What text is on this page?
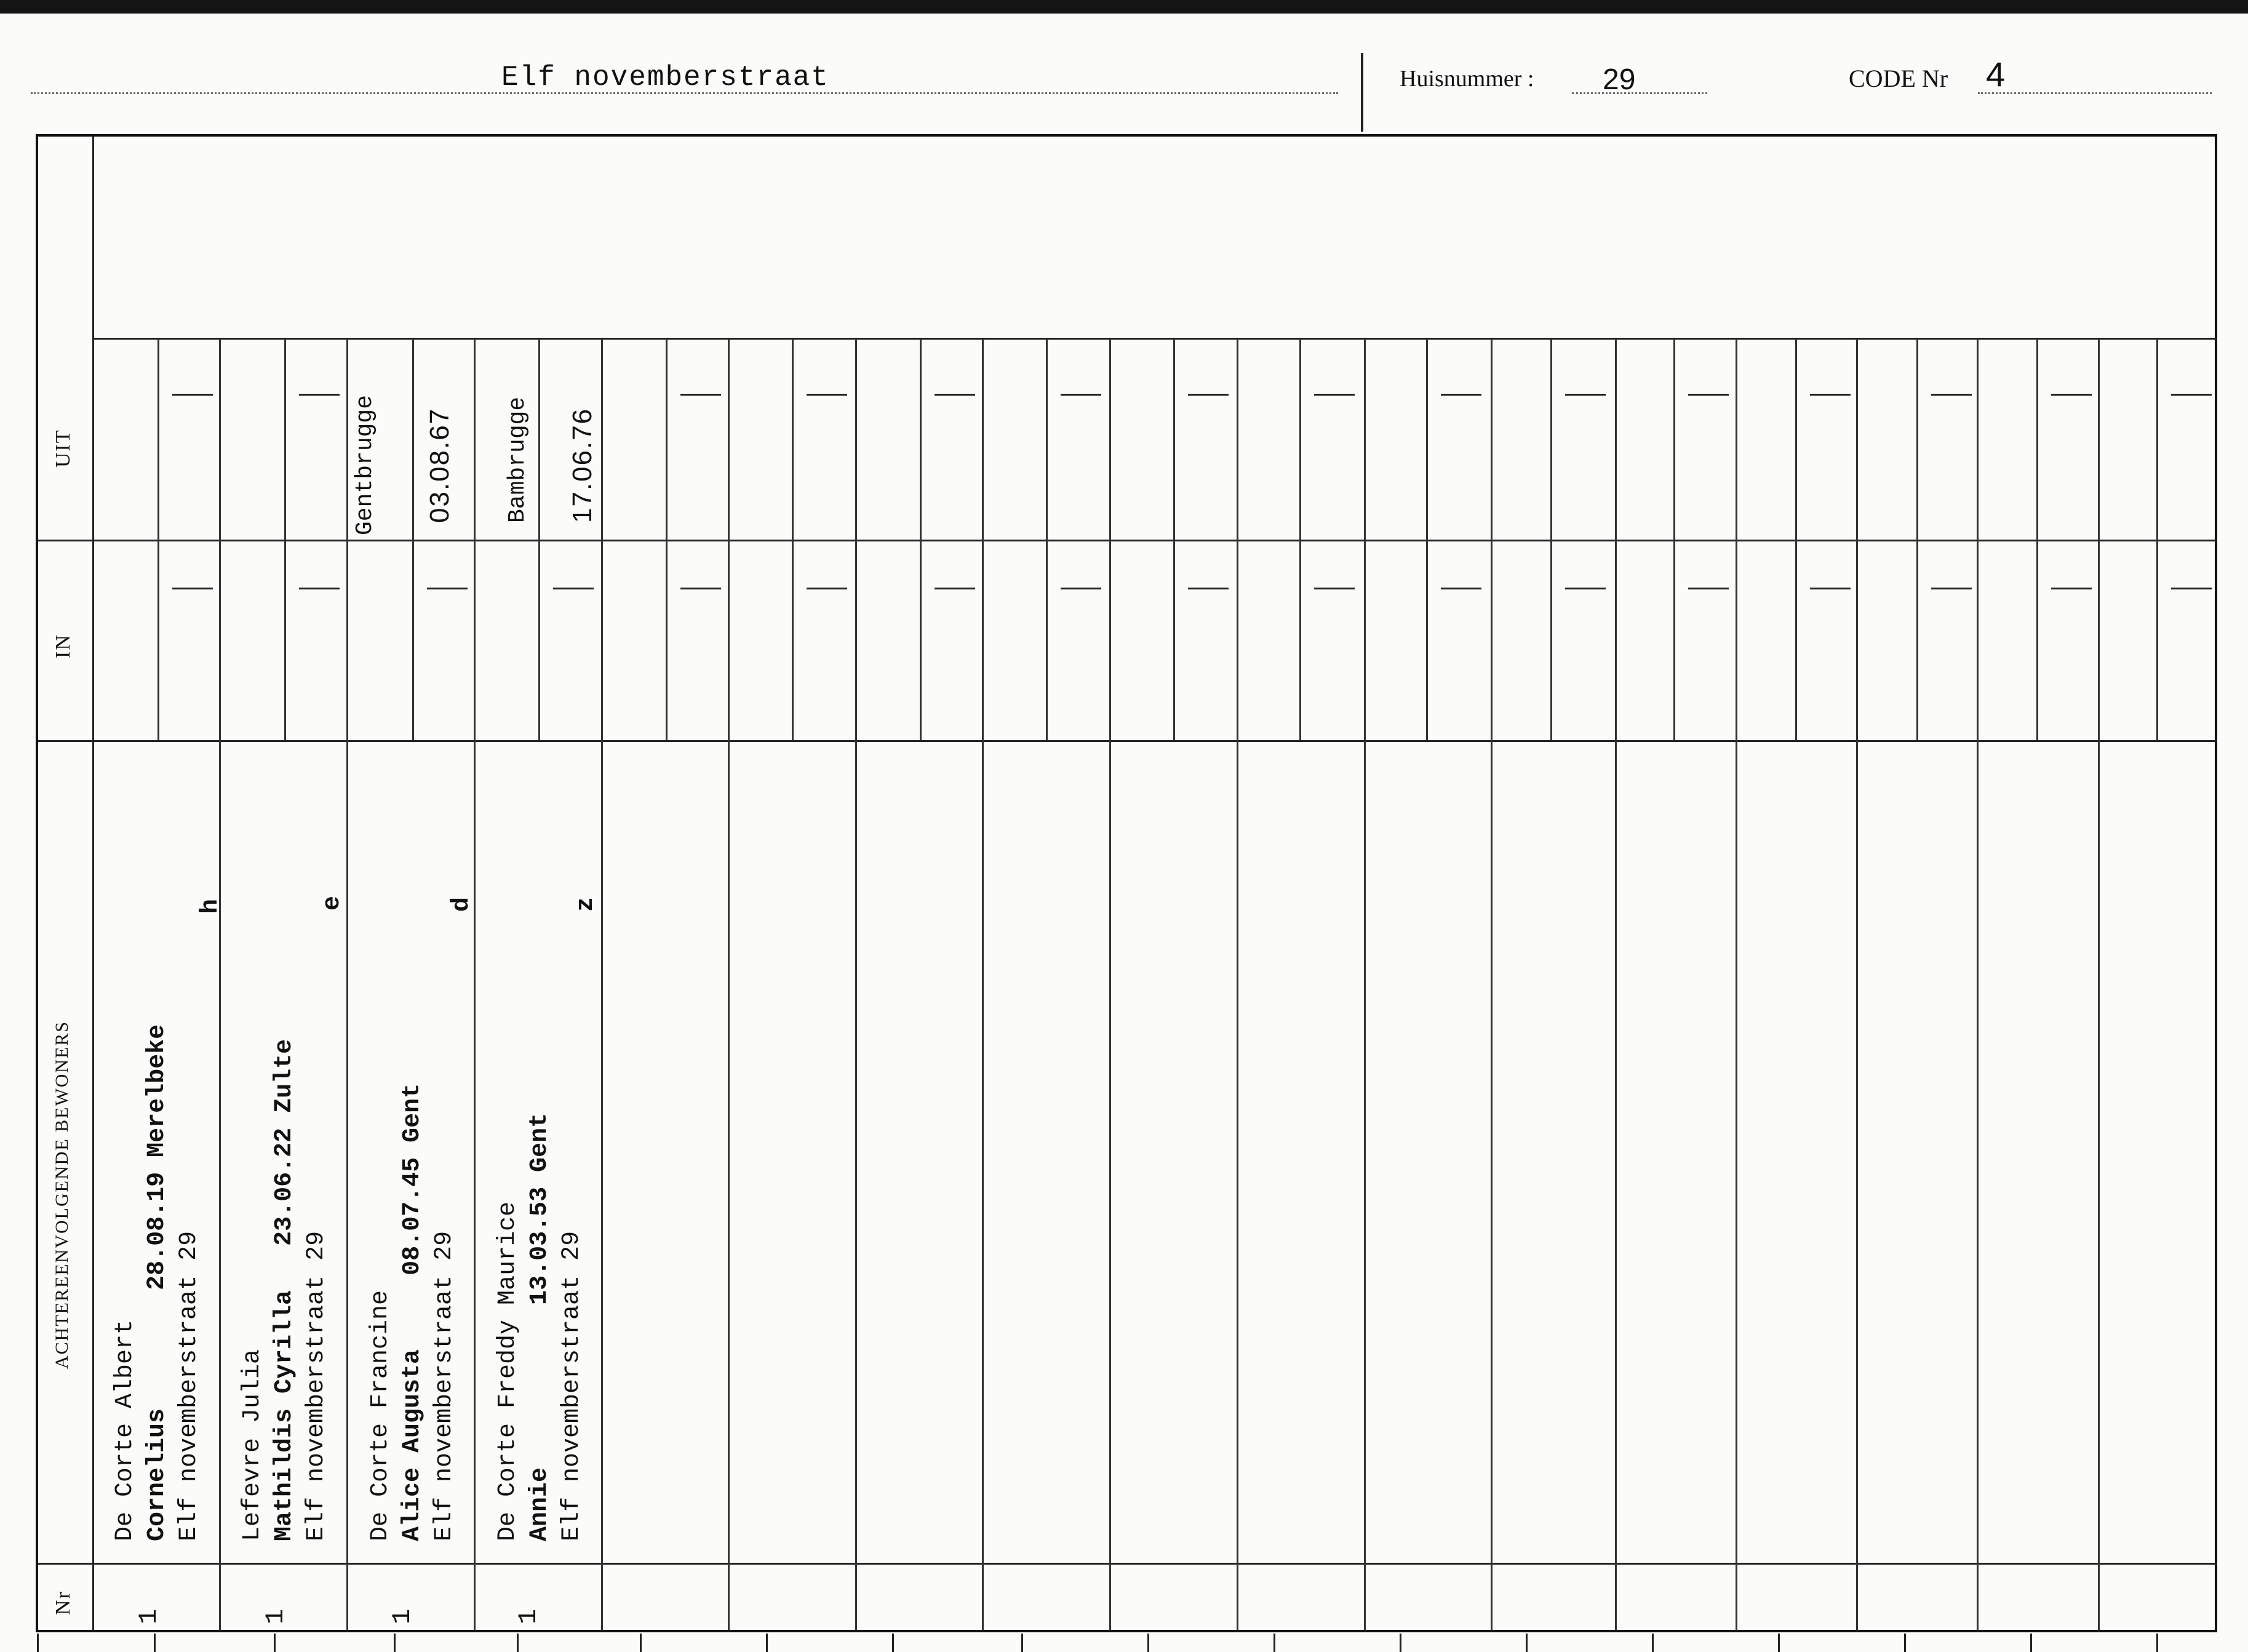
Elf novemberstraat	Huisnummer : 29	CODE Nr 4
UIT
IN
ACHTEREENVOLGENDE BEWONERS
Nr
De Corte Albert Cornelius        28.08.19 Merelbeke Elf novemberstraat 29
h
1
Lefevre Julia Mathildis Cyrilla   23.06.22 Zulte Elf novemberstraat 29
e
1
De Corte Francine Alice Augusta     08.07.45 Gent Elf novemberstraat 29
d
1
De Corte Freddy Maurice Annie           13.03.53 Gent Elf novemberstraat 29
z
1
Gentbrugge 03.08.67 Bambrugge 17.06.76
